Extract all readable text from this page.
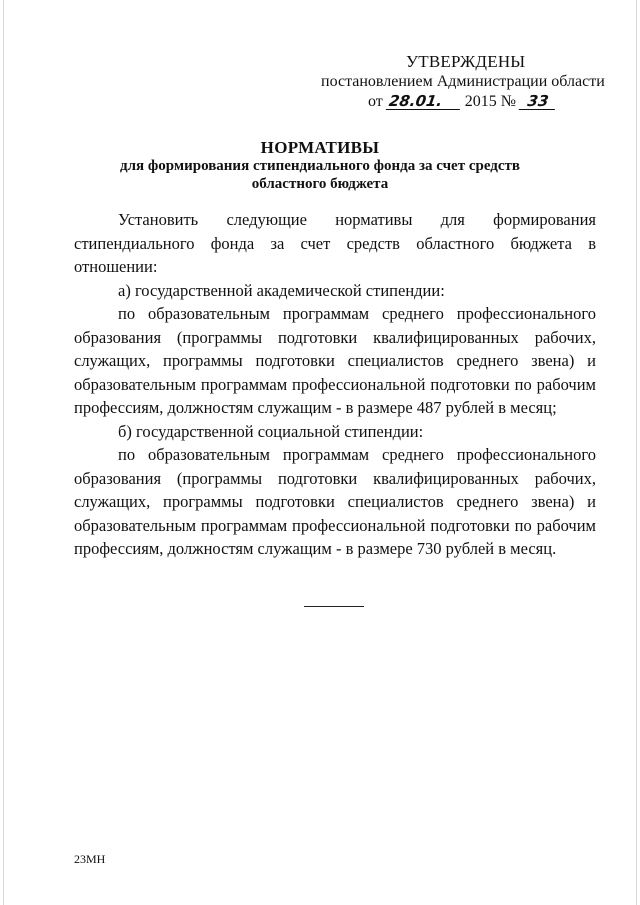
УТВЕРЖДЕНЫ
постановлением Администрации области
от 28.01. 2015 № 33
НОРМАТИВЫ
для формирования стипендиального фонда за счет средств
областного бюджета

Установить следующие нормативы для формирования

стипендиального фонда за счет средств областного бюджета в отношении:

а) государственной академической стипендии:

по образовательным программам среднего профессионального образования (программы подготовки квалифицированных рабочих, служащих, программы подготовки специалистов среднего звена) и образовательным программам профессиональной подготовки по рабочим профессиям, должностям служащим - в размере 487 рублей в месяц;

б) государственной социальной стипендии:

по образовательным программам среднего профессионального образования (программы подготовки квалифицированных рабочих, служащих, программы подготовки специалистов среднего звена) и образовательным программам профессиональной подготовки по рабочим профессиям, должностям служащим - в размере 730 рублей в месяц.

23МН
